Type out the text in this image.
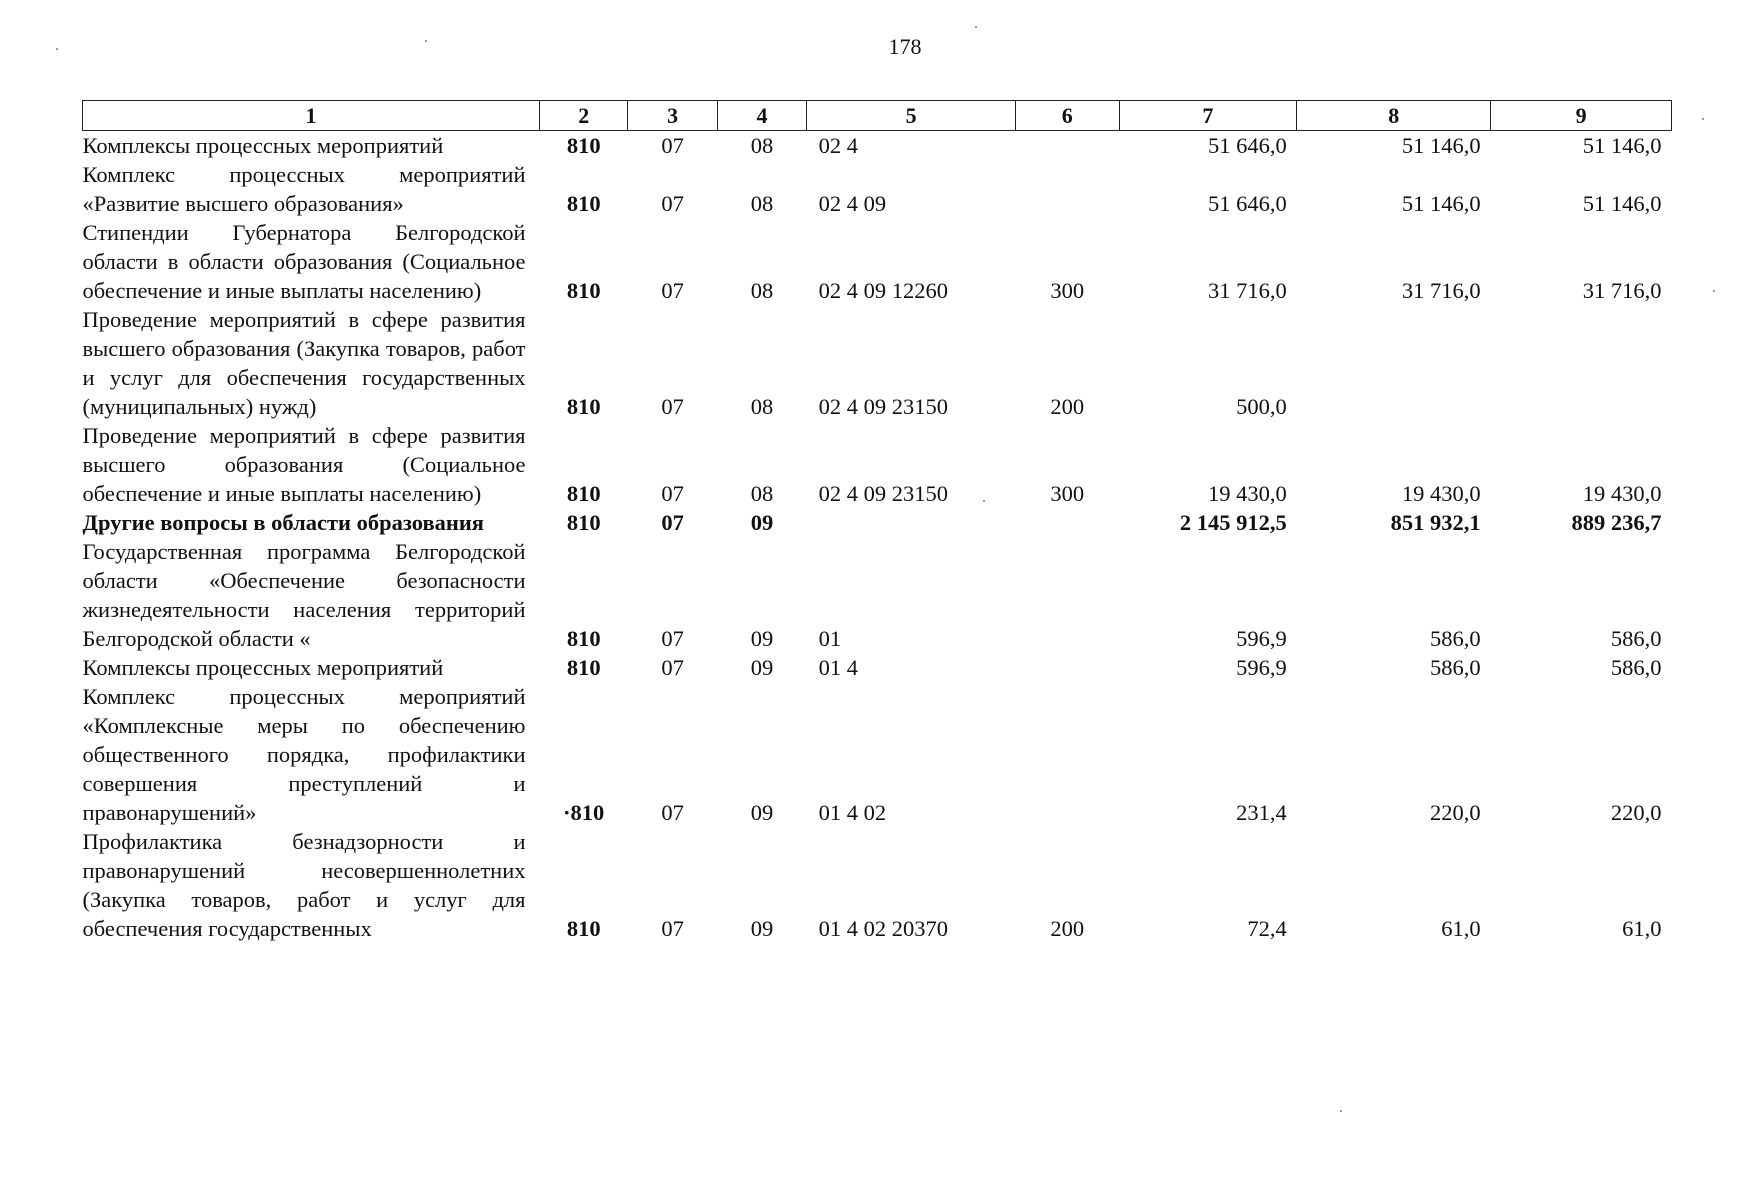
178
1	2	3	4	5	6	7	8	9
Комплексы процессных мероприятий	810	07	08	02 4		51 646,0	51 146,0	51 146,0
Комплекс процессных мероприятий «Развитие высшего образования»	810	07	08	02 4 09		51 646,0	51 146,0	51 146,0
Стипендии Губернатора Белгородской области в области образования (Социальное обеспечение и иные выплаты населению)	810	07	08	02 4 09 12260	300	31 716,0	31 716,0	31 716,0
Проведение мероприятий в сфере развития высшего образования (Закупка товаров, работ и услуг для обеспечения государственных (муниципальных) нужд)	810	07	08	02 4 09 23150	200	500,0		
Проведение мероприятий в сфере развития высшего образования (Социальное обеспечение и иные выплаты населению)	810	07	08	02 4 09 23150	300	19 430,0	19 430,0	19 430,0
Другие вопросы в области образования	810	07	09			2 145 912,5	851 932,1	889 236,7
Государственная программа Белгородской области «Обеспечение безопасности жизнедеятельности населения территорий Белгородской области «	810	07	09	01		596,9	586,0	586,0
Комплексы процессных мероприятий	810	07	09	01 4		596,9	586,0	586,0
Комплекс процессных мероприятий «Комплексные меры по обеспечению общественного порядка, профилактики совершения преступлений и правонарушений»	·810	07	09	01 4 02		231,4	220,0	220,0
Профилактика безнадзорности и правонарушений несовершеннолетних (Закупка товаров, работ и услуг для обеспечения государственных	810	07	09	01 4 02 20370	200	72,4	61,0	61,0
